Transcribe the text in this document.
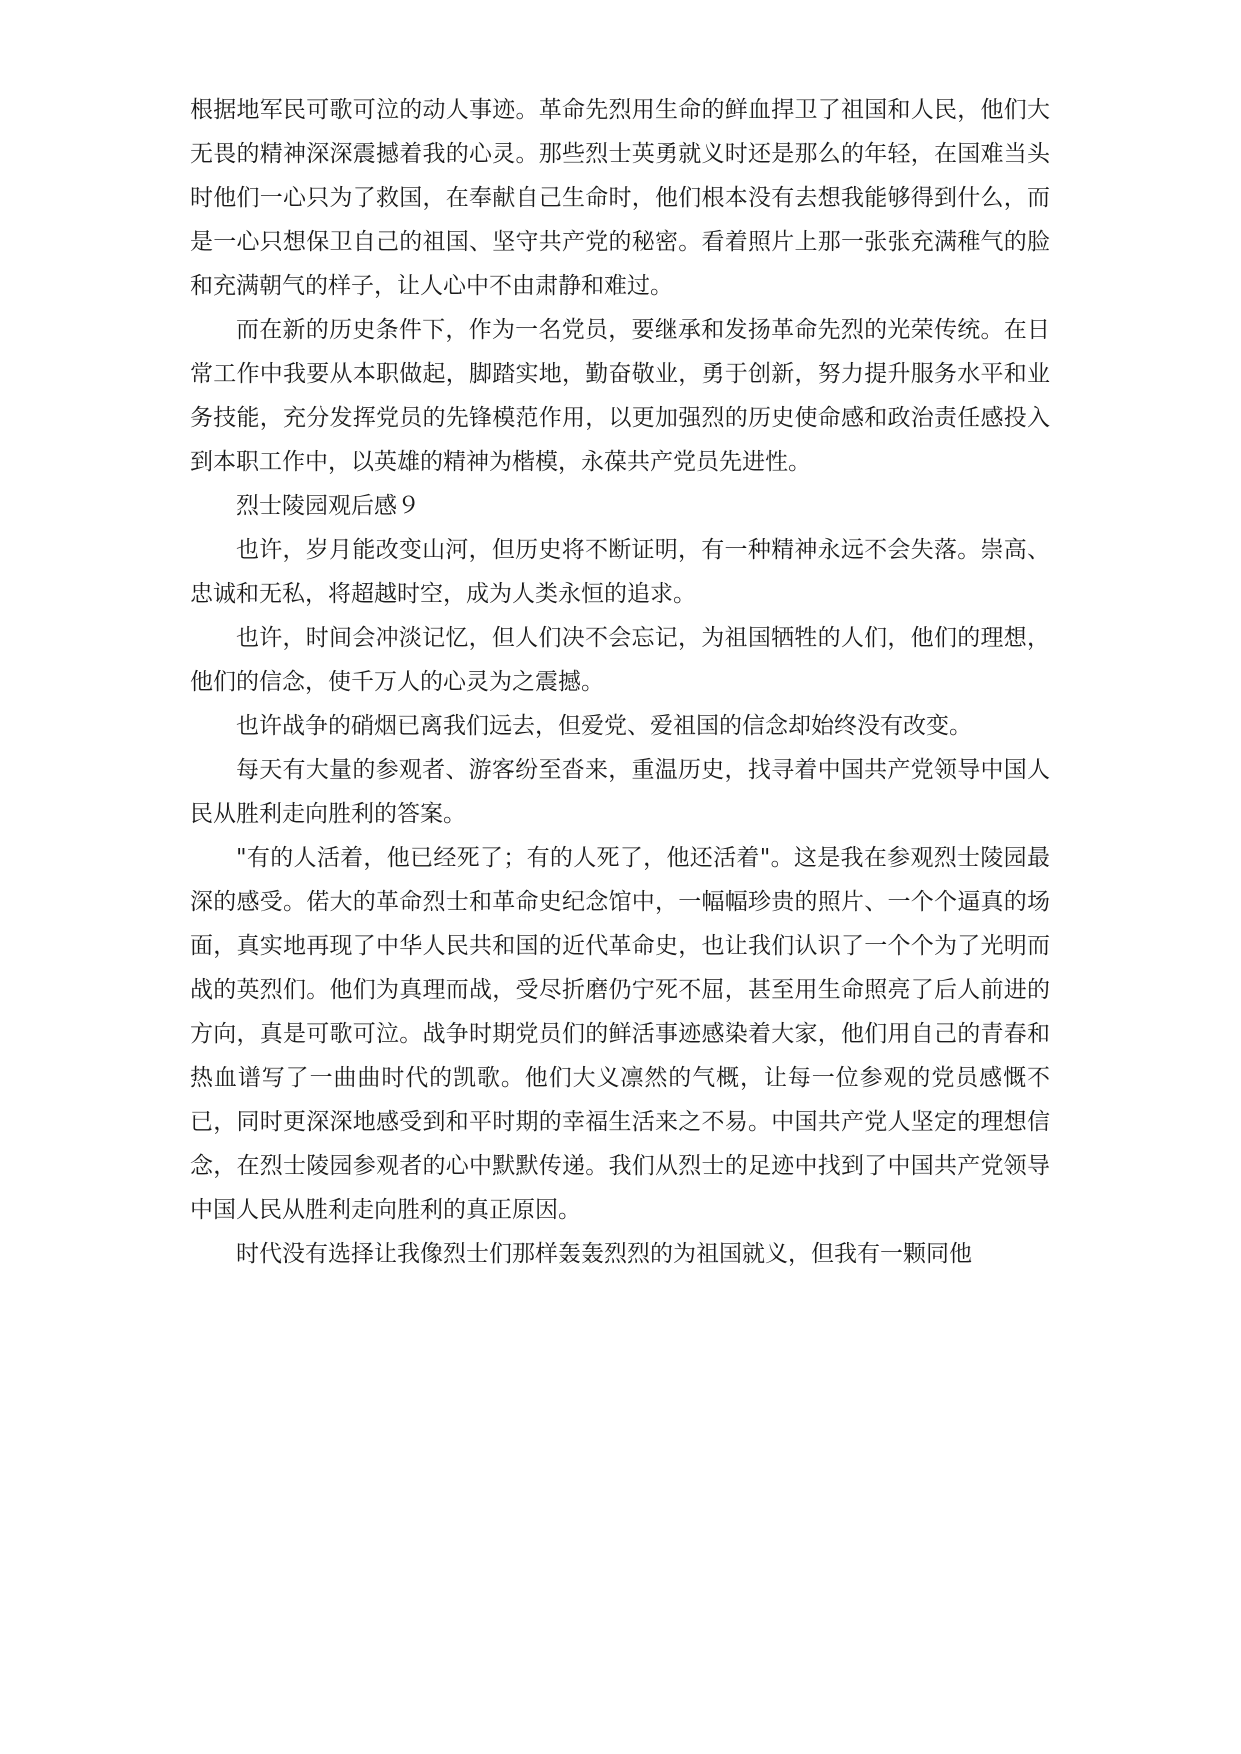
根据地军民可歌可泣的动人事迹。革命先烈用生命的鲜血捍卫了祖国和人民，他们大无畏的精神深深震撼着我的心灵。那些烈士英勇就义时还是那么的年轻，在国难当头时他们一心只为了救国，在奉献自己生命时，他们根本没有去想我能够得到什么，而是一心只想保卫自己的祖国、坚守共产党的秘密。看着照片上那一张张充满稚气的脸和充满朝气的样子，让人心中不由肃静和难过。

而在新的历史条件下，作为一名党员，要继承和发扬革命先烈的光荣传统。在日常工作中我要从本职做起，脚踏实地，勤奋敬业，勇于创新，努力提升服务水平和业务技能，充分发挥党员的先锋模范作用，以更加强烈的历史使命感和政治责任感投入到本职工作中，以英雄的精神为楷模，永葆共产党员先进性。

烈士陵园观后感９

也许，岁月能改变山河，但历史将不断证明，有一种精神永远不会失落。崇高、忠诚和无私，将超越时空，成为人类永恒的追求。

也许，时间会冲淡记忆，但人们决不会忘记，为祖国牺牲的人们，他们的理想，他们的信念，使千万人的心灵为之震撼。

也许战争的硝烟已离我们远去，但爱党、爱祖国的信念却始终没有改变。

每天有大量的参观者、游客纷至沓来，重温历史，找寻着中国共产党领导中国人民从胜利走向胜利的答案。

"有的人活着，他已经死了；有的人死了，他还活着"。这是我在参观烈士陵园最深的感受。偌大的革命烈士和革命史纪念馆中，一幅幅珍贵的照片、一个个逼真的场面，真实地再现了中华人民共和国的近代革命史，也让我们认识了一个个为了光明而战的英烈们。他们为真理而战，受尽折磨仍宁死不屈，甚至用生命照亮了后人前进的方向，真是可歌可泣。战争时期党员们的鲜活事迹感染着大家，他们用自己的青春和热血谱写了一曲曲时代的凯歌。他们大义凛然的气概，让每一位参观的党员感慨不已，同时更深深地感受到和平时期的幸福生活来之不易。中国共产党人坚定的理想信念，在烈士陵园参观者的心中默默传递。我们从烈士的足迹中找到了中国共产党领导中国人民从胜利走向胜利的真正原因。

时代没有选择让我像烈士们那样轰轰烈烈的为祖国就义，但我有一颗同他
